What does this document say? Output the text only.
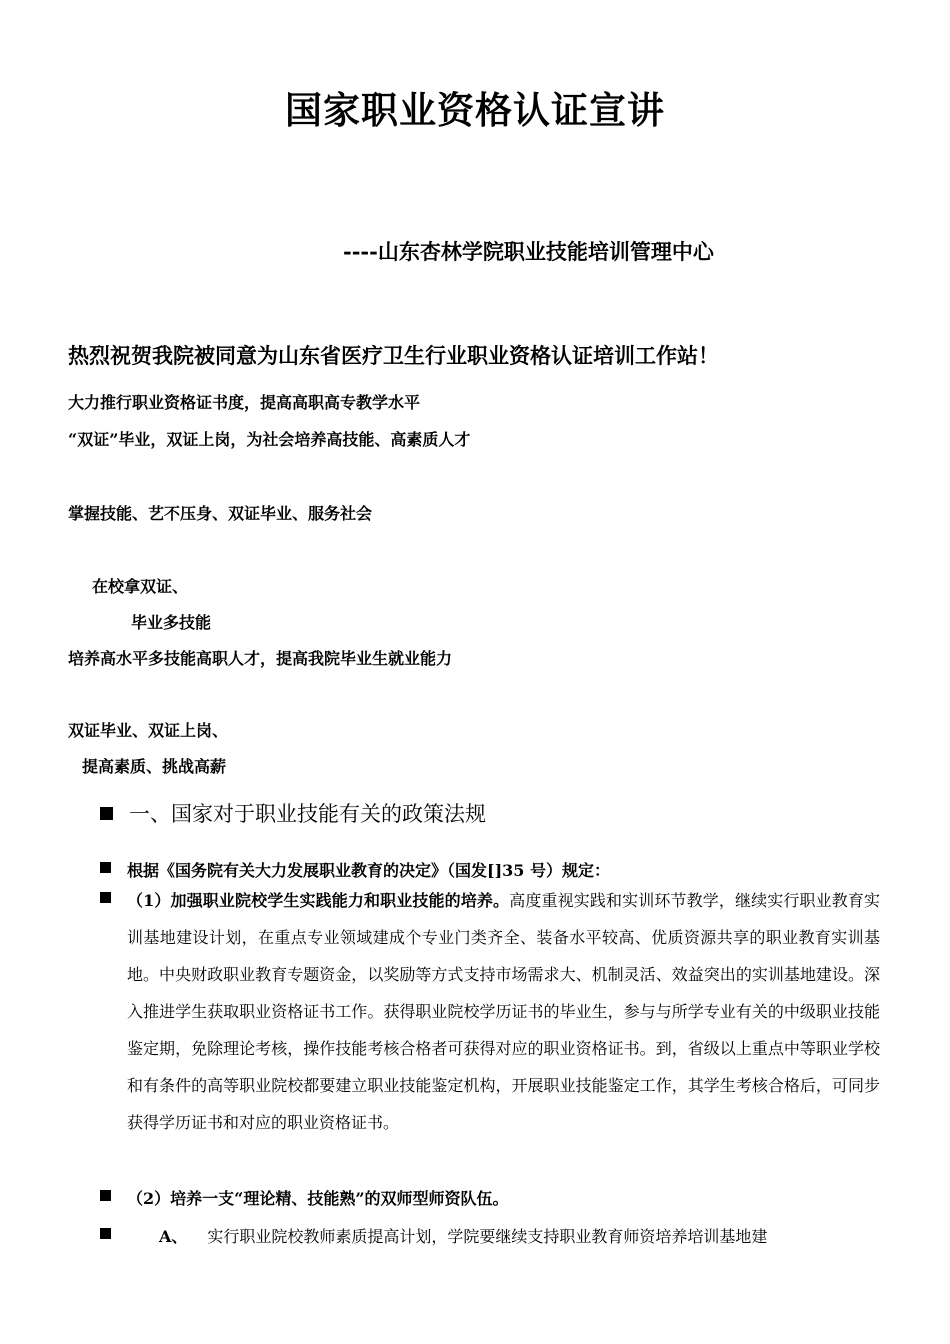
国家职业资格认证宣讲
----山东杏林学院职业技能培训管理中心
热烈祝贺我院被同意为山东省医疗卫生行业职业资格认证培训工作站！
大力推行职业资格证书度，提高高职高专教学水平
“双证”毕业，双证上岗，为社会培养高技能、高素质人才
掌握技能、艺不压身、双证毕业、服务社会
在校拿双证、
毕业多技能
培养高水平多技能高职人才，提高我院毕业生就业能力
双证毕业、双证上岗、
提高素质、挑战高薪
一、国家对于职业技能有关的政策法规
根据《国务院有关大力发展职业教育的决定》（国发[]35 号）规定：
（1）加强职业院校学生实践能力和职业技能的培养。高度重视实践和实训环节教学，继续实行职业教育实训基地建设计划，在重点专业领域建成个专业门类齐全、装备水平较高、优质资源共享的职业教育实训基地。中央财政职业教育专题资金，以奖励等方式支持市场需求大、机制灵活、效益突出的实训基地建设。深入推进学生获取职业资格证书工作。获得职业院校学历证书的毕业生，参与与所学专业有关的中级职业技能鉴定期，免除理论考核，操作技能考核合格者可获得对应的职业资格证书。到，省级以上重点中等职业学校和有条件的高等职业院校都要建立职业技能鉴定机构，开展职业技能鉴定工作，其学生考核合格后，可同步获得学历证书和对应的职业资格证书。
（2）培养一支“理论精、技能熟”的双师型师资队伍。
A、 实行职业院校教师素质提高计划，学院要继续支持职业教育师资培养培训基地建
